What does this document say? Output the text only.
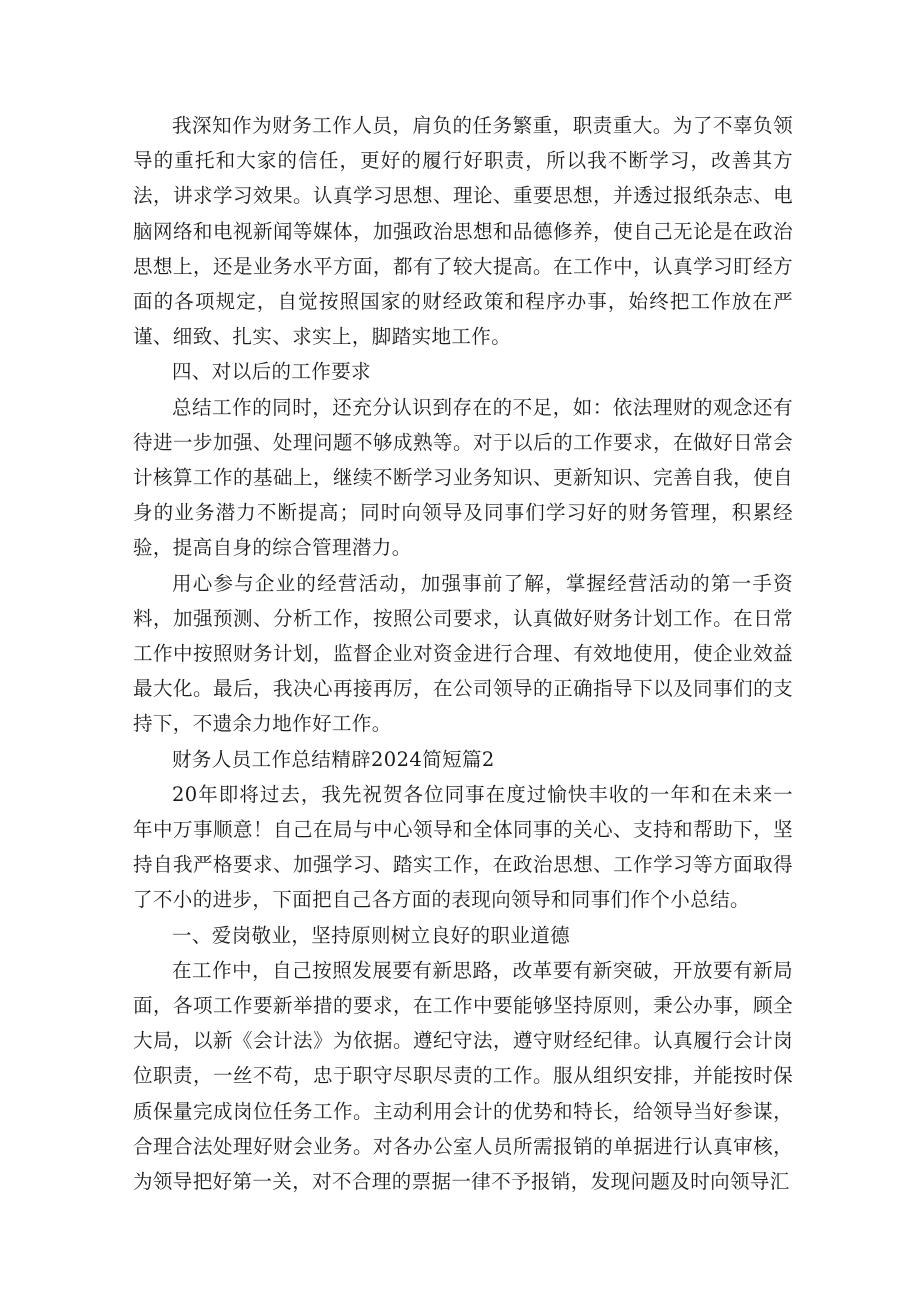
我深知作为财务工作人员，肩负的任务繁重，职责重大。为了不辜负领导的重托和大家的信任，更好的履行好职责，所以我不断学习，改善其方法，讲求学习效果。认真学习思想、理论、重要思想，并透过报纸杂志、电脑网络和电视新闻等媒体，加强政治思想和品德修养，使自己无论是在政治思想上，还是业务水平方面，都有了较大提高。在工作中，认真学习盯经方面的各项规定，自觉按照国家的财经政策和程序办事，始终把工作放在严谨、细致、扎实、求实上，脚踏实地工作。

四、对以后的工作要求

总结工作的同时，还充分认识到存在的不足，如：依法理财的观念还有待进一步加强、处理问题不够成熟等。对于以后的工作要求，在做好日常会计核算工作的基础上，继续不断学习业务知识、更新知识、完善自我，使自身的业务潜力不断提高；同时向领导及同事们学习好的财务管理，积累经验，提高自身的综合管理潜力。

用心参与企业的经营活动，加强事前了解，掌握经营活动的第一手资料，加强预测、分析工作，按照公司要求，认真做好财务计划工作。在日常工作中按照财务计划，监督企业对资金进行合理、有效地使用，使企业效益最大化。最后，我决心再接再厉，在公司领导的正确指导下以及同事们的支持下，不遗余力地作好工作。

财务人员工作总结精辟2024简短篇2

20年即将过去，我先祝贺各位同事在度过愉快丰收的一年和在未来一年中万事顺意！自己在局与中心领导和全体同事的关心、支持和帮助下，坚持自我严格要求、加强学习、踏实工作，在政治思想、工作学习等方面取得了不小的进步，下面把自己各方面的表现向领导和同事们作个小总结。

一、爱岗敬业，坚持原则树立良好的职业道德

在工作中，自己按照发展要有新思路，改革要有新突破，开放要有新局面，各项工作要新举措的要求，在工作中要能够坚持原则，秉公办事，顾全大局，以新《会计法》为依据。遵纪守法，遵守财经纪律。认真履行会计岗位职责，一丝不苟，忠于职守尽职尽责的工作。服从组织安排，并能按时保质保量完成岗位任务工作。主动利用会计的优势和特长，给领导当好参谋，合理合法处理好财会业务。对各办公室人员所需报销的单据进行认真审核，为领导把好第一关，对不合理的票据一律不予报销，发现问题及时向领导汇
